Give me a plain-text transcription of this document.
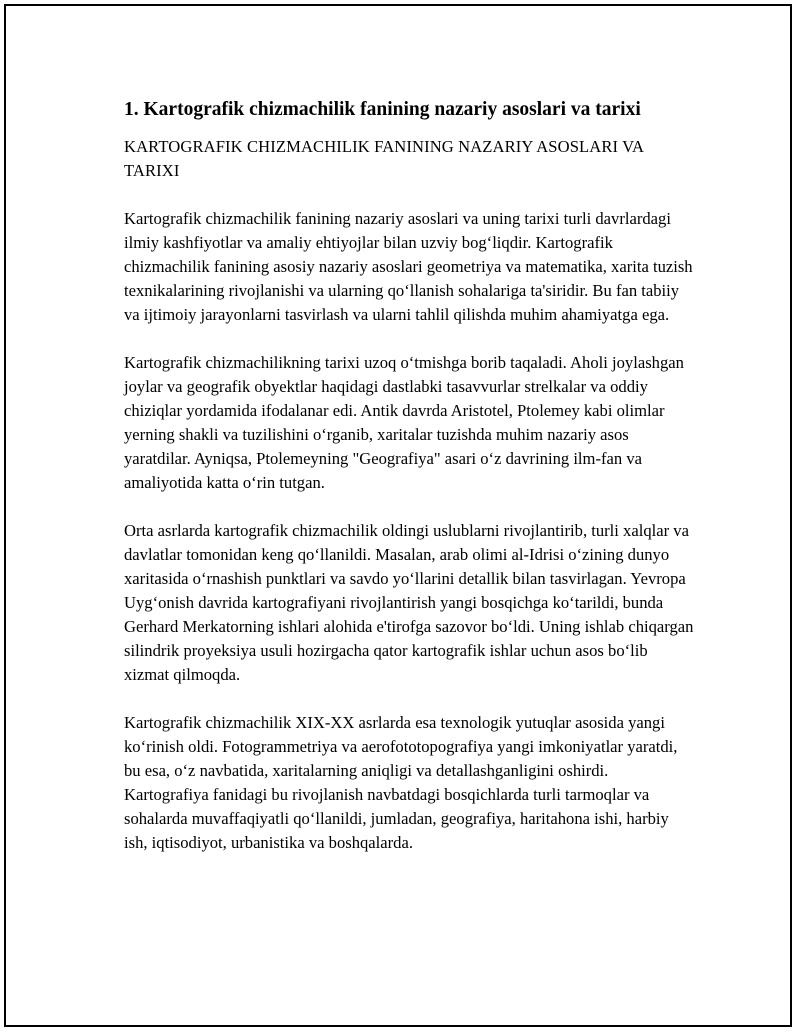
1. Kartografik chizmachilik fanining nazariy asoslari va tarixi

KARTOGRAFIK CHIZMACHILIK FANINING NAZARIY ASOSLARI VA TARIXI

Kartografik chizmachilik fanining nazariy asoslari va uning tarixi turli davrlardagi ilmiy kashfiyotlar va amaliy ehtiyojlar bilan uzviy bog‘liqdir. Kartografik chizmachilik fanining asosiy nazariy asoslari geometriya va matematika, xarita tuzish texnikalarining rivojlanishi va ularning qo‘llanish sohalariga ta'siridir. Bu fan tabiiy va ijtimoiy jarayonlarni tasvirlash va ularni tahlil qilishda muhim ahamiyatga ega.

Kartografik chizmachilikning tarixi uzoq o‘tmishga borib taqaladi. Aholi joylashgan joylar va geografik obyektlar haqidagi dastlabki tasavvurlar strelkalar va oddiy chiziqlar yordamida ifodalanar edi. Antik davrda Aristotel, Ptolemey kabi olimlar yerning shakli va tuzilishini o‘rganib, xaritalar tuzishda muhim nazariy asos yaratdilar. Ayniqsa, Ptolemeyning "Geografiya" asari o‘z davrining ilm-fan va amaliyotida katta o‘rin tutgan.

Orta asrlarda kartografik chizmachilik oldingi uslublarni rivojlantirib, turli xalqlar va davlatlar tomonidan keng qo‘llanildi. Masalan, arab olimi al-Idrisi o‘zining dunyo xaritasida o‘rnashish punktlari va savdo yo‘llarini detallik bilan tasvirlagan. Yevropa Uyg‘onish davrida kartografiyani rivojlantirish yangi bosqichga ko‘tarildi, bunda Gerhard Merkatorning ishlari alohida e'tirofga sazovor bo‘ldi. Uning ishlab chiqargan silindrik proyeksiya usuli hozirgacha qator kartografik ishlar uchun asos bo‘lib xizmat qilmoqda.

Kartografik chizmachilik XIX-XX asrlarda esa texnologik yutuqlar asosida yangi ko‘rinish oldi. Fotogrammetriya va aerofototopografiya yangi imkoniyatlar yaratdi, bu esa, o‘z navbatida, xaritalarning aniqligi va detallashganligini oshirdi. Kartografiya fanidagi bu rivojlanish navbatdagi bosqichlarda turli tarmoqlar va sohalarda muvaffaqiyatli qo‘llanildi, jumladan, geografiya, haritahona ishi, harbiy ish, iqtisodiyot, urbanistika va boshqalarda.
